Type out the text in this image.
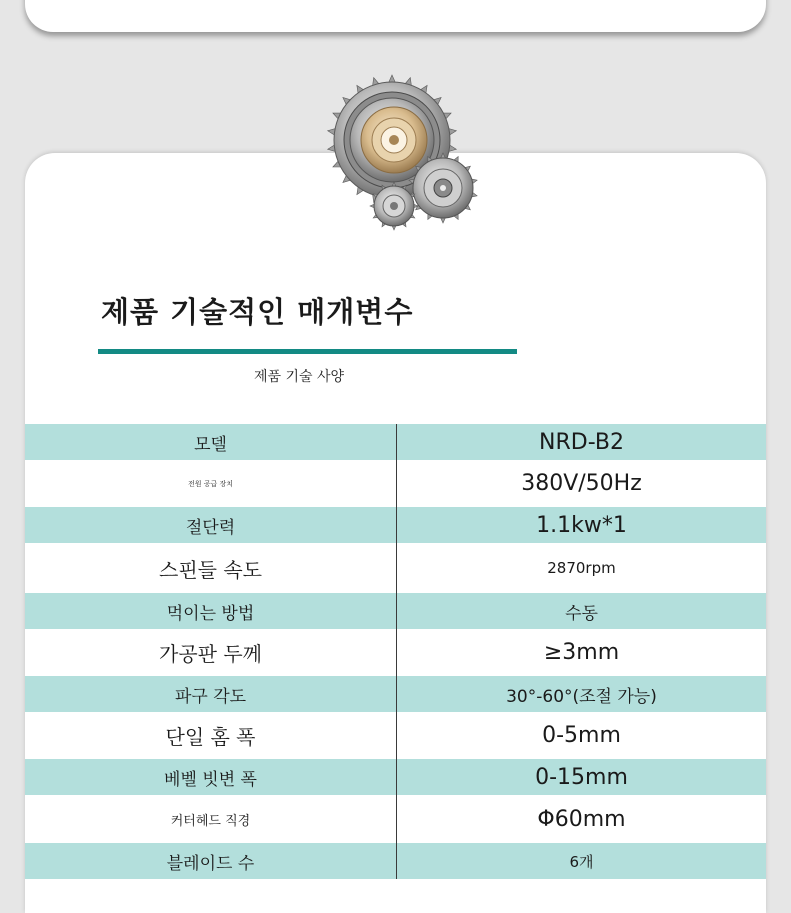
제품 기술적인 매개변수
제품 기술 사양
모델	NRD-B2
전원 공급 장치	380V/50Hz
절단력	1.1kw*1
스핀들 속도	2870rpm
먹이는 방법	수동
가공판 두께	≥3mm
파구 각도	30°-60°(조절 가능)
단일 홈 폭	0-5mm
베벨 빗변 폭	0-15mm
커터헤드 직경	Φ60mm
블레이드 수	6개
